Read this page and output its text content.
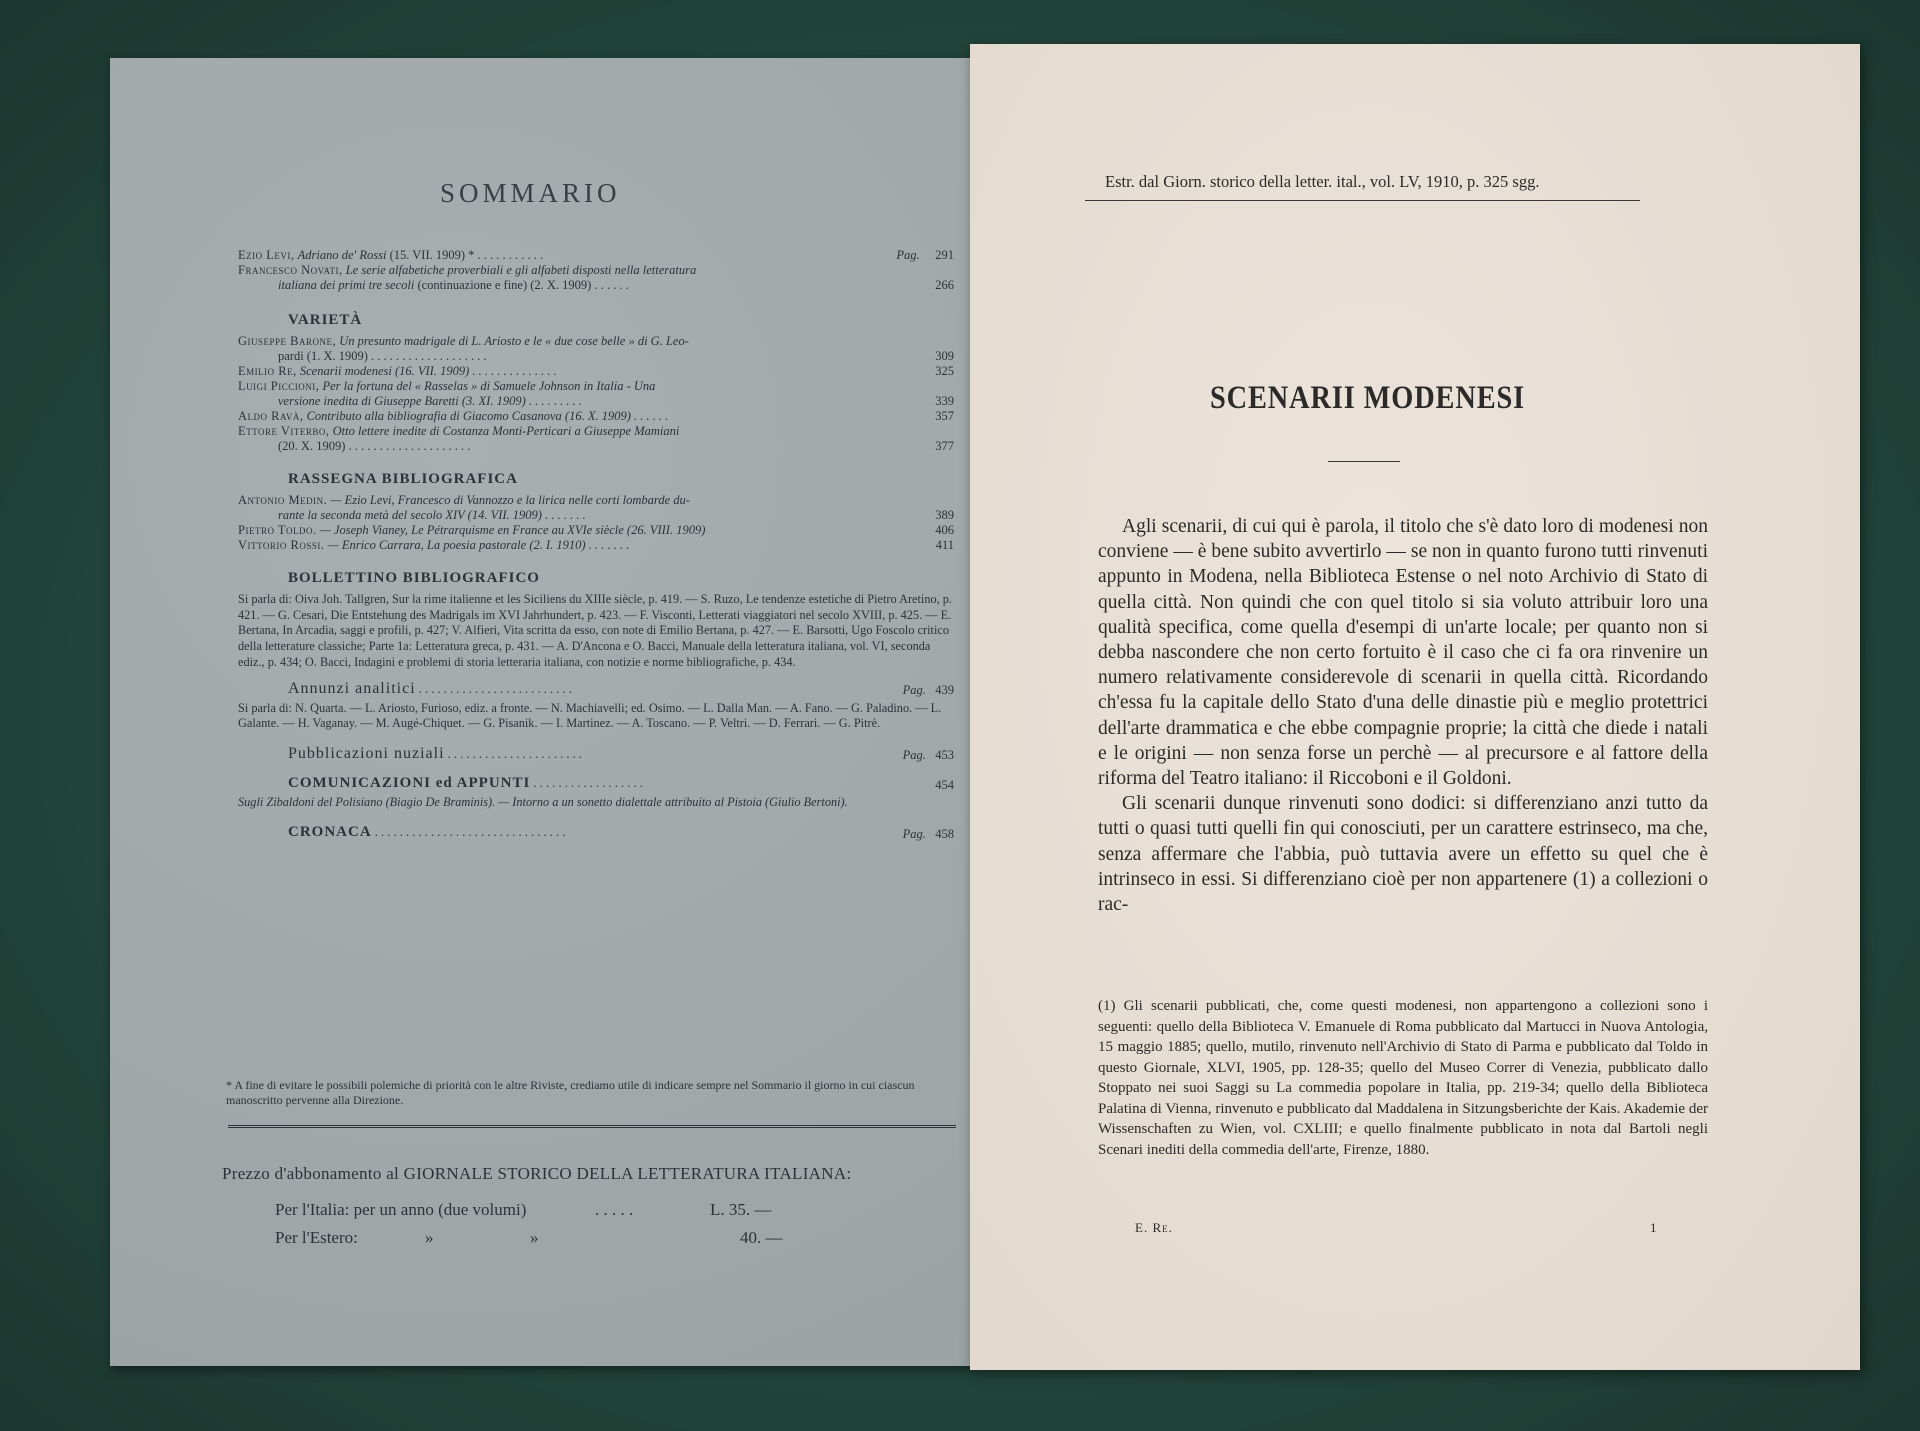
SOMMARIO
Ezio Levi, Adriano de' Rossi (15. VII. 1909) * . . . . . . . . . . .	Pag. 291
Francesco Novati, Le serie alfabetiche proverbiali e gli alfabeti disposti nella letteratura
italiana dei primi tre secoli (continuazione e fine) (2. X. 1909) . . . . . .	266
VARIETÀ
Giuseppe Barone, Un presunto madrigale di L. Ariosto e le « due cose belle » di G. Leo-
pardi (1. X. 1909) . . . . . . . . . . . . . . . . . . .	309
Emilio Re, Scenarii modenesi (16. VII. 1909) . . . . . . . . . . . . . .	325
Luigi Piccioni, Per la fortuna del « Rasselas » di Samuele Johnson in Italia - Una
versione inedita di Giuseppe Baretti (3. XI. 1909) . . . . . . . . .	339
Aldo Ravà, Contributo alla bibliografia di Giacomo Casanova (16. X. 1909) . . . . . .	357
Ettore Viterbo, Otto lettere inedite di Costanza Monti-Perticari a Giuseppe Mamiani
(20. X. 1909) . . . . . . . . . . . . . . . . . . . .	377
RASSEGNA BIBLIOGRAFICA
Antonio Medin. — Ezio Levi, Francesco di Vannozzo e la lirica nelle corti lombarde du-
rante la seconda metà del secolo XIV (14. VII. 1909) . . . . . . .	389
Pietro Toldo. — Joseph Vianey, Le Pétrarquisme en France au XVIe siècle (26. VIII. 1909)	406
Vittorio Rossi. — Enrico Carrara, La poesia pastorale (2. I. 1910) . . . . . . .	411
BOLLETTINO BIBLIOGRAFICO
Si parla di: Oiva Joh. Tallgren, Sur la rime italienne et les Siciliens du XIIIe siècle, p. 419. — S. Ruzo, Le tendenze estetiche di Pietro Aretino, p. 421. — G. Cesari, Die Entstehung des Madrigals im XVI Jahrhundert, p. 423. — F. Visconti, Letterati viaggiatori nel secolo XVIII, p. 425. — E. Bertana, In Arcadia, saggi e profili, p. 427; V. Alfieri, Vita scritta da esso, con note di Emilio Bertana, p. 427. — E. Barsotti, Ugo Foscolo critico della letterature classiche; Parte 1a: Letteratura greca, p. 431. — A. D'Ancona e O. Bacci, Manuale della letteratura italiana, vol. VI, seconda ediz., p. 434; O. Bacci, Indagini e problemi di storia letteraria italiana, con notizie e norme bibliografiche, p. 434.
Annunzi analitici . . . . . . . . . . . . . . . . . . . . . . . . .	Pag. 439
Si parla di: N. Quarta. — L. Ariosto, Furioso, ediz. a fronte. — N. Machiavelli; ed. Osimo. — L. Dalla Man. — A. Fano. — G. Paladino. — L. Galante. — H. Vaganay. — M. Augé-Chiquet. — G. Pisanik. — I. Martinez. — A. Toscano. — P. Veltri. — D. Ferrari. — G. Pitrè.
Pubblicazioni nuziali . . . . . . . . . . . . . . . . . . . . . .	Pag. 453
COMUNICAZIONI ed APPUNTI . . . . . . . . . . . . . . . . . .	454
Sugli Zibaldoni del Polisiano (Biagio De Braminis). — Intorno a un sonetto dialettale attribuito al Pistoia (Giulio Bertoni).
CRONACA . . . . . . . . . . . . . . . . . . . . . . . . . . . . . . .	Pag. 458
* A fine di evitare le possibili polemiche di priorità con le altre Riviste, crediamo utile di indicare sempre nel Sommario il giorno in cui ciascun manoscritto pervenne alla Direzione.
Prezzo d'abbonamento al GIORNALE STORICO DELLA LETTERATURA ITALIANA:
Per l'Italia: per un anno (due volumi)	. . . . .	L. 35. —
Per l'Estero:	»	»	40. —
Estr. dal Giorn. storico della letter. ital., vol. LV, 1910, p. 325 sgg.
SCENARII MODENESI

Agli scenarii, di cui qui è parola, il titolo che s'è dato loro di modenesi non conviene — è bene subito avvertirlo — se non in quanto furono tutti rinvenuti appunto in Modena, nella Biblioteca Estense o nel noto Archivio di Stato di quella città. Non quindi che con quel titolo si sia voluto attribuir loro una qualità specifica, come quella d'esempi di un'arte locale; per quanto non si debba nascondere che non certo fortuito è il caso che ci fa ora rinvenire un numero relativamente considerevole di scenarii in quella città. Ricordando ch'essa fu la capitale dello Stato d'una delle dinastie più e meglio protettrici dell'arte drammatica e che ebbe compagnie proprie; la città che diede i natali e le origini — non senza forse un perchè — al precursore e al fattore della riforma del Teatro italiano: il Riccoboni e il Goldoni.

Gli scenarii dunque rinvenuti sono dodici: si differenziano anzi tutto da tutti o quasi tutti quelli fin qui conosciuti, per un carattere estrinseco, ma che, senza affermare che l'abbia, può tuttavia avere un effetto su quel che è intrinseco in essi. Si differenziano cioè per non appartenere (1) a collezioni o rac-

(1) Gli scenarii pubblicati, che, come questi modenesi, non appartengono a collezioni sono i seguenti: quello della Biblioteca V. Emanuele di Roma pubblicato dal Martucci in Nuova Antologia, 15 maggio 1885; quello, mutilo, rinvenuto nell'Archivio di Stato di Parma e pubblicato dal Toldo in questo Giornale, XLVI, 1905, pp. 128-35; quello del Museo Correr di Venezia, pubblicato dallo Stoppato nei suoi Saggi su La commedia popolare in Italia, pp. 219-34; quello della Biblioteca Palatina di Vienna, rinvenuto e pubblicato dal Maddalena in Sitzungsberichte der Kais. Akademie der Wissenschaften zu Wien, vol. CXLIII; e quello finalmente pubblicato in nota dal Bartoli negli Scenari inediti della commedia dell'arte, Firenze, 1880.
E. Re.	1
